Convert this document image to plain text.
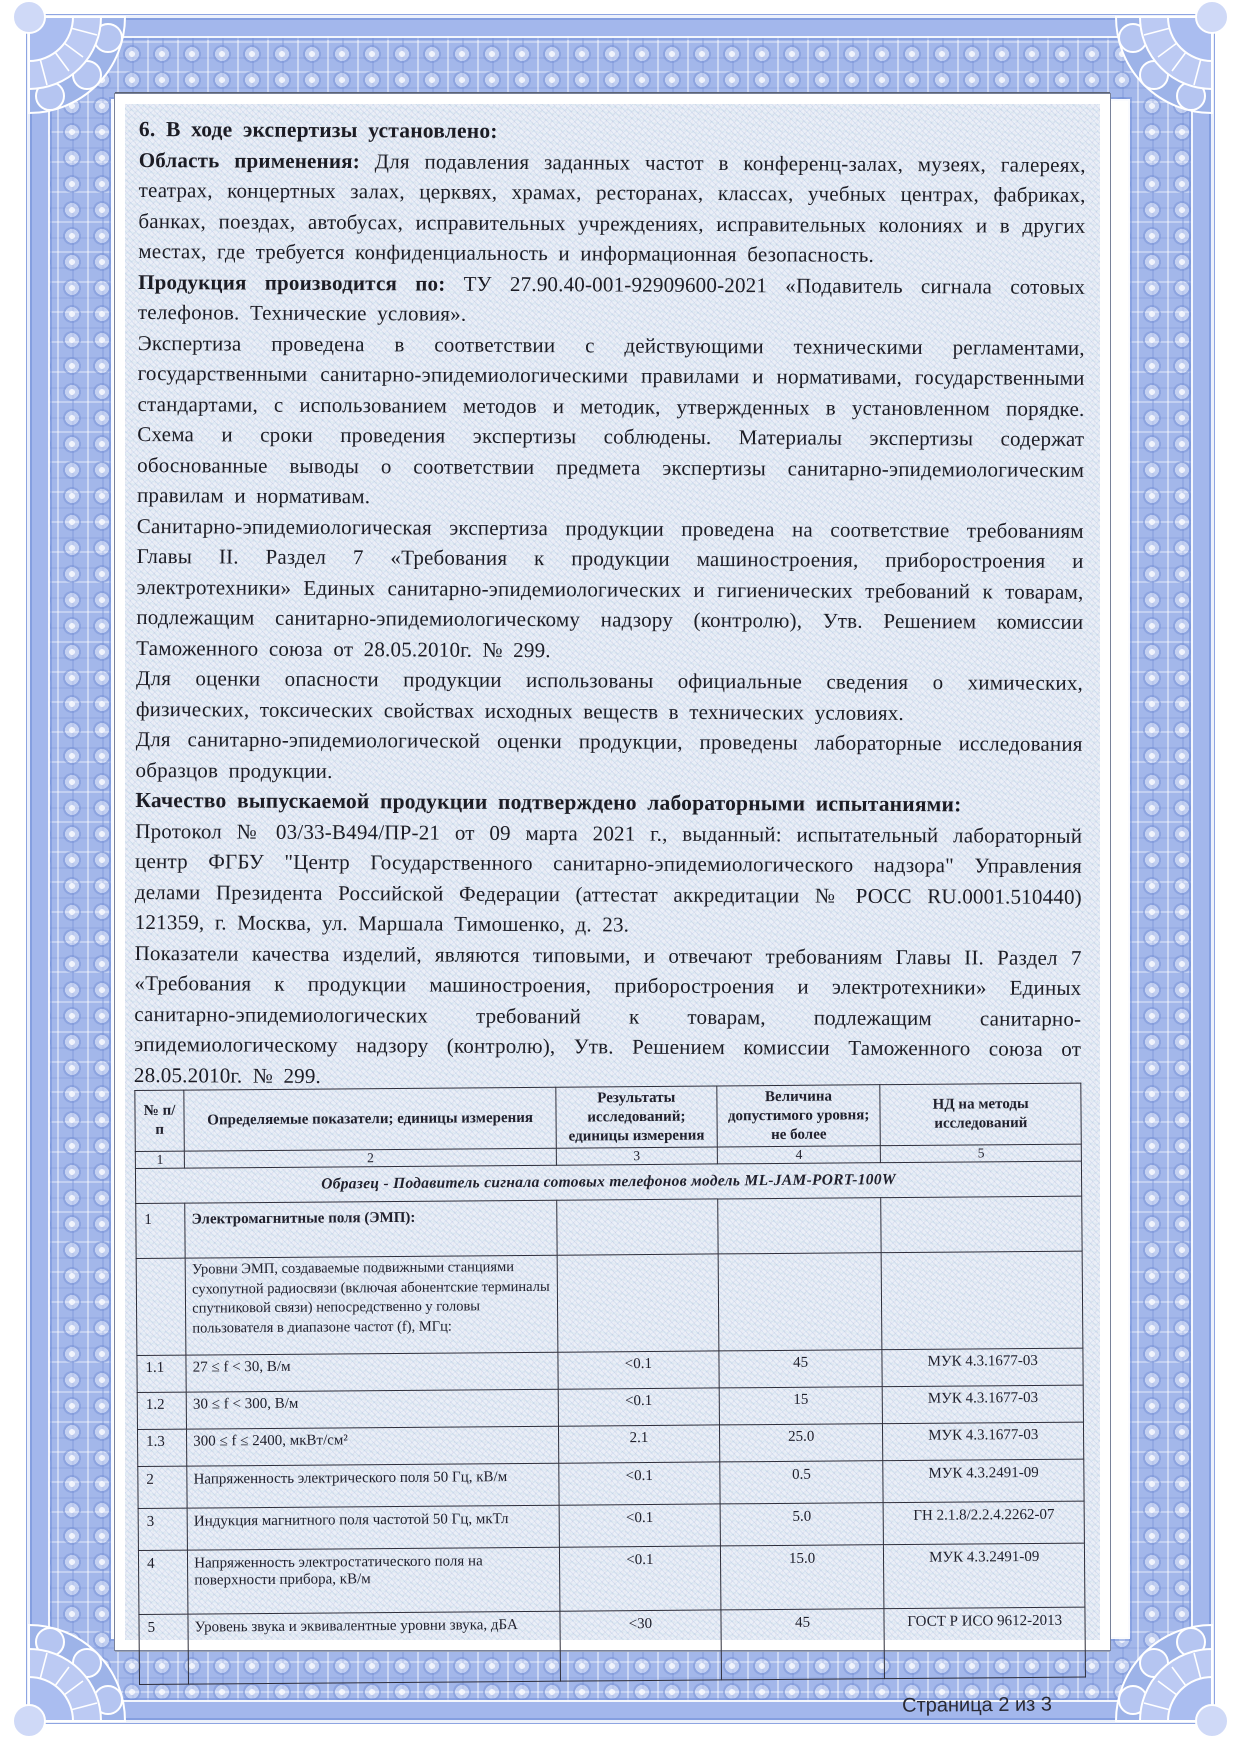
6. В ходе экспертизы установлено:

Область применения: Для подавления заданных частот в конференц-залах, музеях, галереях, театрах, концертных залах, церквях, храмах, ресторанах, классах, учебных центрах, фабриках, банках, поездах, автобусах, исправительных учреждениях, исправительных колониях и в других местах, где требуется конфиденциальность и информационная безопасность.

Продукция производится по: ТУ 27.90.40-001-92909600-2021 «Подавитель сигнала сотовых телефонов. Технические условия».

Экспертиза проведена в соответствии с действующими техническими регламентами, государственными санитарно-эпидемиологическими правилами и нормативами, государственными стандартами, с использованием методов и методик, утвержденных в установленном порядке. Схема и сроки проведения экспертизы соблюдены. Материалы экспертизы содержат обоснованные выводы о соответствии предмета экспертизы санитарно-эпидемиологическим правилам и нормативам.

Санитарно-эпидемиологическая экспертиза продукции проведена на соответствие требованиям Главы II. Раздел 7 «Требования к продукции машиностроения, приборостроения и электротехники» Единых санитарно-эпидемиологических и гигиенических требований к товарам, подлежащим санитарно-эпидемиологическому надзору (контролю), Утв. Решением комиссии Таможенного союза от 28.05.2010г. № 299.

Для оценки опасности продукции использованы официальные сведения о химических, физических, токсических свойствах исходных веществ в технических условиях.

Для санитарно-эпидемиологической оценки продукции, проведены лабораторные исследования образцов продукции.

Качество выпускаемой продукции подтверждено лабораторными испытаниями:

Протокол № 03/33-В494/ПР-21 от 09 марта 2021 г., выданный: испытательный лабораторный центр ФГБУ "Центр Государственного санитарно-эпидемиологического надзора" Управления делами Президента Российской Федерации (аттестат аккредитации № РОСС RU.0001.510440) 121359, г. Москва, ул. Маршала Тимошенко, д. 23.

Показатели качества изделий, являются типовыми, и отвечают требованиям Главы II. Раздел 7 «Требования к продукции машиностроения, приборостроения и электротехники» Единых санитарно-эпидемиологических требований к товарам, подлежащим санитарно-эпидемиологическому надзору (контролю), Утв. Решением комиссии Таможенного союза от 28.05.2010г. № 299.

№ п/п	Определяемые показатели; единицы измерения	Результаты исследований; единицы измерения	Величина допустимого уровня; не более	НД на методы исследований
1	2	3	4	5
Образец - Подавитель сигнала сотовых телефонов модель ML-JAM-PORT-100W				
1	Электромагнитные поля (ЭМП):			
	Уровни ЭМП, создаваемые подвижными станциями сухопутной радиосвязи (включая абонентские терминалы спутниковой связи) непосредственно у головы пользователя в диапазоне частот (f), МГц:			
1.1	27 ≤ f < 30, В/м	<0.1	45	МУК 4.3.1677-03
1.2	30 ≤ f < 300, В/м	<0.1	15	МУК 4.3.1677-03
1.3	300 ≤ f ≤ 2400, мкВт/см²	2.1	25.0	МУК 4.3.1677-03
2	Напряженность электрического поля 50 Гц, кВ/м	<0.1	0.5	МУК 4.3.2491-09
3	Индукция магнитного поля частотой 50 Гц, мкТл	<0.1	5.0	ГН 2.1.8/2.2.4.2262-07
4	Напряженность электростатического поля на поверхности прибора, кВ/м	<0.1	15.0	МУК 4.3.2491-09
5	Уровень звука и эквивалентные уровни звука, дБА	<30	45	ГОСТ Р ИСО 9612-2013
Страница 2 из 3
